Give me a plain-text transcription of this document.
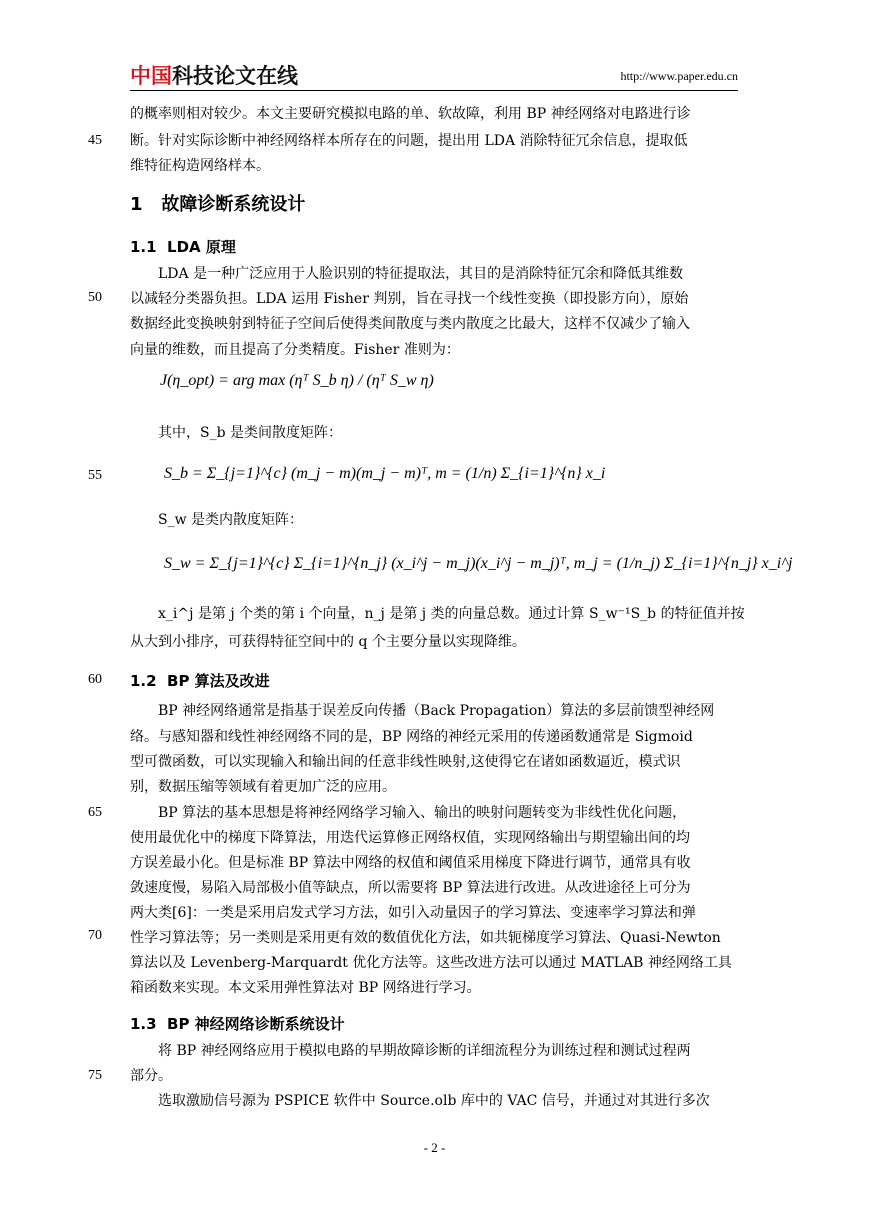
中国科技论文在线	http://www.paper.edu.cn
45
50
55
60
65
70
75
的概率则相对较少。本文主要研究模拟电路的单、软故障，利用 BP 神经网络对电路进行诊
断。针对实际诊断中神经网络样本所存在的问题，提出用 LDA 消除特征冗余信息，提取低
维特征构造网络样本。
1 故障诊断系统设计
1.1 LDA 原理
LDA 是一种广泛应用于人脸识别的特征提取法，其目的是消除特征冗余和降低其维数
以减轻分类器负担。LDA 运用 Fisher 判别，旨在寻找一个线性变换（即投影方向），原始
数据经此变换映射到特征子空间后使得类间散度与类内散度之比最大，这样不仅减少了输入
向量的维数，而且提高了分类精度。Fisher 准则为：
J(η_opt) = arg max (ηᵀ S_b η) / (ηᵀ S_w η)
其中，S_b 是类间散度矩阵：
S_b = Σ_{j=1}^{c} (m_j − m)(m_j − m)ᵀ, m = (1/n) Σ_{i=1}^{n} x_i
S_w 是类内散度矩阵：
S_w = Σ_{j=1}^{c} Σ_{i=1}^{n_j} (x_i^j − m_j)(x_i^j − m_j)ᵀ, m_j = (1/n_j) Σ_{i=1}^{n_j} x_i^j
x_i^j 是第 j 个类的第 i 个向量，n_j 是第 j 类的向量总数。通过计算 S_w⁻¹S_b 的特征值并按
从大到小排序，可获得特征空间中的 q 个主要分量以实现降维。
1.2 BP 算法及改进
BP 神经网络通常是指基于误差反向传播（Back Propagation）算法的多层前馈型神经网
络。与感知器和线性神经网络不同的是，BP 网络的神经元采用的传递函数通常是 Sigmoid
型可微函数，可以实现输入和输出间的任意非线性映射,这使得它在诸如函数逼近，模式识
别，数据压缩等领域有着更加广泛的应用。
BP 算法的基本思想是将神经网络学习输入、输出的映射问题转变为非线性优化问题，
使用最优化中的梯度下降算法，用迭代运算修正网络权值，实现网络输出与期望输出间的均
方误差最小化。但是标准 BP 算法中网络的权值和阈值采用梯度下降进行调节，通常具有收
敛速度慢，易陷入局部极小值等缺点，所以需要将 BP 算法进行改进。从改进途径上可分为
两大类[6]：一类是采用启发式学习方法，如引入动量因子的学习算法、变速率学习算法和弹
性学习算法等；另一类则是采用更有效的数值优化方法，如共轭梯度学习算法、Quasi-Newton
算法以及 Levenberg-Marquardt 优化方法等。这些改进方法可以通过 MATLAB 神经网络工具
箱函数来实现。本文采用弹性算法对 BP 网络进行学习。
1.3 BP 神经网络诊断系统设计
将 BP 神经网络应用于模拟电路的早期故障诊断的详细流程分为训练过程和测试过程两
部分。
选取激励信号源为 PSPICE 软件中 Source.olb 库中的 VAC 信号，并通过对其进行多次
- 2 -
